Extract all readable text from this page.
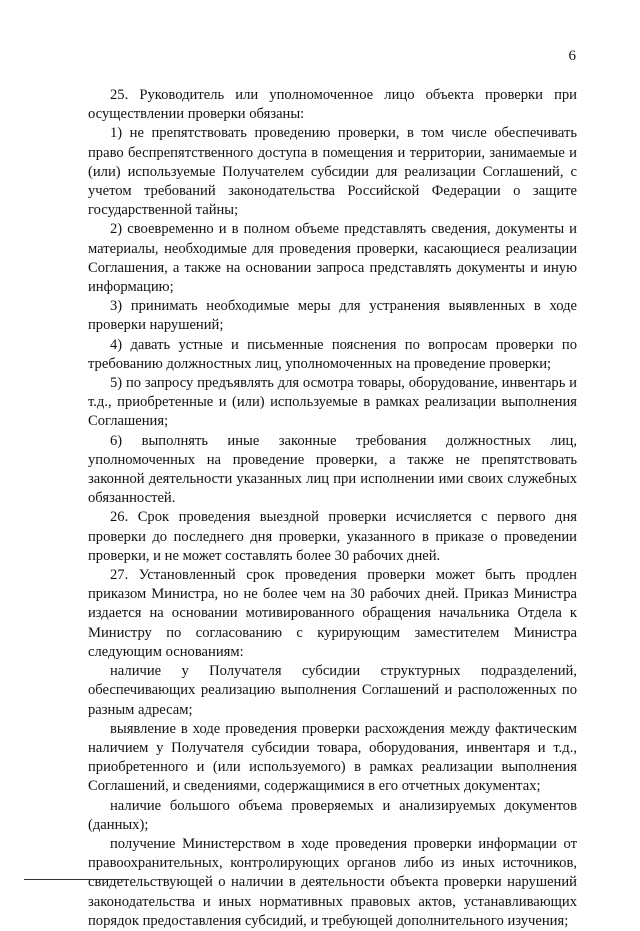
6

25. Руководитель или уполномоченное лицо объекта проверки при осуществлении проверки обязаны:

1) не препятствовать проведению проверки, в том числе обеспечивать право беспрепятственного доступа в помещения и территории, занимаемые и (или) используемые Получателем субсидии для реализации Соглашений, с учетом требований законодательства Российской Федерации о защите государственной тайны;

2) своевременно и в полном объеме представлять сведения, документы и материалы, необходимые для проведения проверки, касающиеся реализации Соглашения, а также на основании запроса представлять документы и иную информацию;

3) принимать необходимые меры для устранения выявленных в ходе проверки нарушений;

4) давать устные и письменные пояснения по вопросам проверки по требованию должностных лиц, уполномоченных на проведение проверки;

5) по запросу предъявлять для осмотра товары, оборудование, инвентарь и т.д., приобретенные и (или) используемые в рамках реализации выполнения Соглашения;

6) выполнять иные законные требования должностных лиц, уполномоченных на проведение проверки, а также не препятствовать законной деятельности указанных лиц при исполнении ими своих служебных обязанностей.

26. Срок проведения выездной проверки исчисляется с первого дня проверки до последнего дня проверки, указанного в приказе о проведении проверки, и не может составлять более 30 рабочих дней.

27. Установленный срок проведения проверки может быть продлен приказом Министра, но не более чем на 30 рабочих дней. Приказ Министра издается на основании мотивированного обращения начальника Отдела к Министру по согласованию с курирующим заместителем Министра следующим основаниям:

наличие у Получателя субсидии структурных подразделений, обеспечивающих реализацию выполнения Соглашений и расположенных по разным адресам;

выявление в ходе проведения проверки расхождения между фактическим наличием у Получателя субсидии товара, оборудования, инвентаря и т.д., приобретенного и (или используемого) в рамках реализации выполнения Соглашений, и сведениями, содержащимися в его отчетных документах;

наличие большого объема проверяемых и анализируемых документов (данных);

получение Министерством в ходе проведения проверки информации от правоохранительных, контролирующих органов либо из иных источников, свидетельствующей о наличии в деятельности объекта проверки нарушений законодательства и иных нормативных правовых актов, устанавливающих порядок предоставления субсидий, и требующей дополнительного изучения;
